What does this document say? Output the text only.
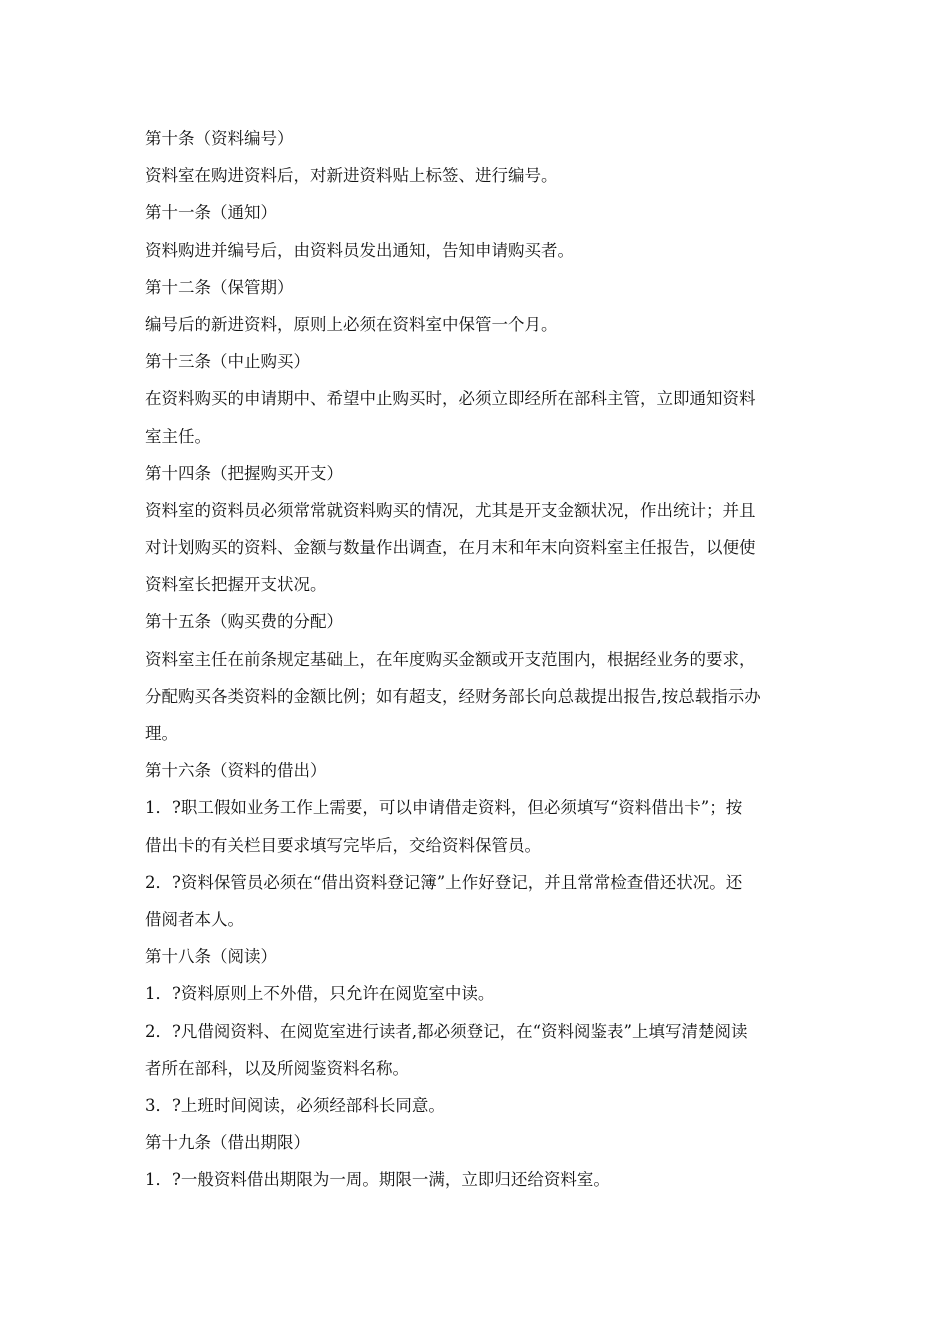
第十条（资料编号）
资料室在购进资料后，对新进资料贴上标签、进行编号。
第十一条（通知）
资料购进并编号后，由资料员发出通知，告知申请购买者。
第十二条（保管期）
编号后的新进资料，原则上必须在资料室中保管一个月。
第十三条（中止购买）
在资料购买的申请期中、希望中止购买时，必须立即经所在部科主管，立即通知资料
室主任。
第十四条（把握购买开支）
资料室的资料员必须常常就资料购买的情况，尤其是开支金额状况，作出统计；并且
对计划购买的资料、金额与数量作出调查，在月末和年末向资料室主任报告，以便使
资料室长把握开支状况。
第十五条（购买费的分配）
资料室主任在前条规定基础上，在年度购买金额或开支范围内，根据经业务的要求，
分配购买各类资料的金额比例；如有超支，经财务部长向总裁提出报告,按总载指示办
理。
第十六条（资料的借出）
1．?职工假如业务工作上需要，可以申请借走资料，但必须填写“资料借出卡”；按
借出卡的有关栏目要求填写完毕后，交给资料保管员。
2．?资料保管员必须在“借出资料登记簿”上作好登记，并且常常检查借还状况。还
借阅者本人。
第十八条（阅读）
1．?资料原则上不外借，只允许在阅览室中读。
2．?凡借阅资料、在阅览室进行读者,都必须登记，在“资料阅鉴表”上填写清楚阅读
者所在部科，以及所阅鉴资料名称。
3．?上班时间阅读，必须经部科长同意。
第十九条（借出期限）
1．?一般资料借出期限为一周。期限一满，立即归还给资料室。
